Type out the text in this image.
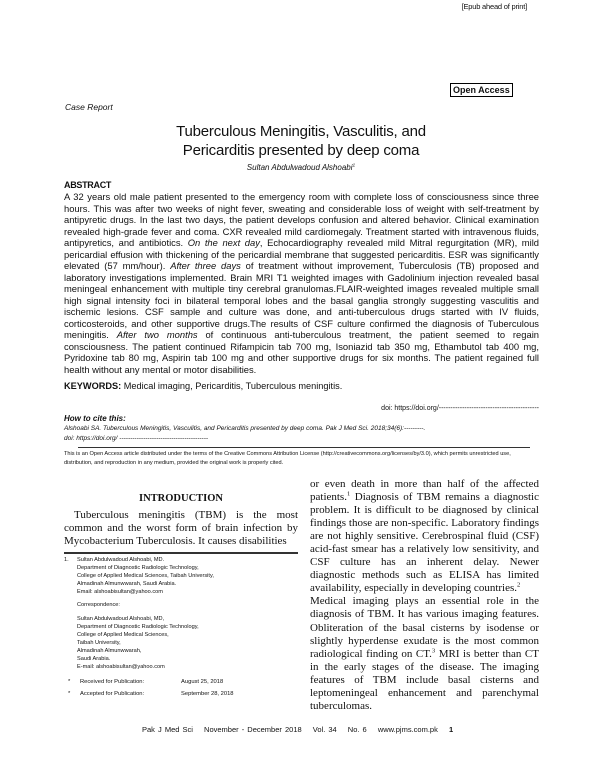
[Epub ahead of print]
Open Access
Case Report
Tuberculous Meningitis, Vasculitis, and
Pericarditis presented by deep coma
Sultan Abdulwadoud Alshoabi$^1$
ABSTRACT
A 32 years old male patient presented to the emergency room with complete loss of consciousness since three hours. This was after two weeks of night fever, sweating and considerable loss of weight with self-treatment by antipyretic drugs. In the last two days, the patient develops confusion and altered behavior. Clinical examination revealed high-grade fever and coma. CXR revealed mild cardiomegaly. Treatment started with intravenous fluids, antipyretics, and antibiotics. On the next day, Echocardiography revealed mild Mitral regurgitation (MR), mild pericardial effusion with thickening of the pericardial membrane that suggested pericarditis. ESR was significantly elevated (57 mm/hour). After three days of treatment without improvement, Tuberculosis (TB) proposed and laboratory investigations implemented. Brain MRI T1 weighted images with Gadolinium injection revealed basal meningeal enhancement with multiple tiny cerebral granulomas.FLAIR-weighted images revealed multiple small high signal intensity foci in bilateral temporal lobes and the basal ganglia strongly suggesting vasculitis and ischemic lesions. CSF sample and culture was done, and anti-tuberculous drugs started with IV fluids, corticosteroids, and other supportive drugs.The results of CSF culture confirmed the diagnosis of Tuberculous meningitis. After two months of continuous anti-tuberculous treatment, the patient seemed to regain consciousness. The patient continued Rifampicin tab 700 mg, Isoniazid tab 350 mg, Ethambutol tab 400 mg, Pyridoxine tab 80 mg, Aspirin tab 100 mg and other supportive drugs for six months. The patient regained full health without any mental or motor disabilities.
KEYWORDS: Medical imaging, Pericarditis, Tuberculous meningitis.
doi: https://doi.org/-------------------------------------------
How to cite this:
Alshoabi SA. Tuberculous Meningitis, Vasculitis, and Pericarditis presented by deep coma. Pak J Med Sci. 2018;34(6):---------.
doi: https://doi.org/ -----------------------------------------
This is an Open Access article distributed under the terms of the Creative Commons Attribution License (http://creativecommons.org/licenses/by/3.0), which permits unrestricted use, distribution, and reproduction in any medium, provided the original work is properly cited.
INTRODUCTION
Tuberculous meningitis (TBM) is the most common and the worst form of brain infection by Mycobacterium Tuberculosis. It causes disabilities
1.	Sultan Abdulwadoud Alshoabi, MD.
Department of Diagnostic Radiologic Technology,
College of Applied Medical Sciences, Taibah University,
Almadinah Almunwwarah, Saudi Arabia.
Email: alshoabisultan@yahoo.com
Correspondence:
Sultan Abdulwadoud Alshoabi, MD,
Department of Diagnostic Radiologic Technology,
College of Applied Medical Sciences,
Taibah University,
Almadinah Almunwwarah,
Saudi Arabia.
E-mail: alshoabisultan@yahoo.com
* Received for Publication:	August 25, 2018
* Accepted for Publication:	September 28, 2018

or even death in more than half of the affected patients.$^1$ Diagnosis of TBM remains a diagnostic problem. It is difficult to be diagnosed by clinical findings those are non-specific. Laboratory findings are not highly sensitive. Cerebrospinal fluid (CSF) acid-fast smear has a relatively low sensitivity, and CSF culture has an inherent delay. Newer diagnostic methods such as ELISA has limited availability, especially in developing countries.$^2$

Medical imaging plays an essential role in the diagnosis of TBM. It has various imaging features. Obliteration of the basal cisterns by isodense or slightly hyperdense exudate is the most common radiological finding on CT.$^3$ MRI is better than CT in the early stages of the disease. The imaging features of TBM include basal cisterns and leptomeningeal enhancement and parenchymal tuberculomas.

Pak J Med Sci November - December 2018 Vol. 34 No. 6 www.pjms.com.pk 1
